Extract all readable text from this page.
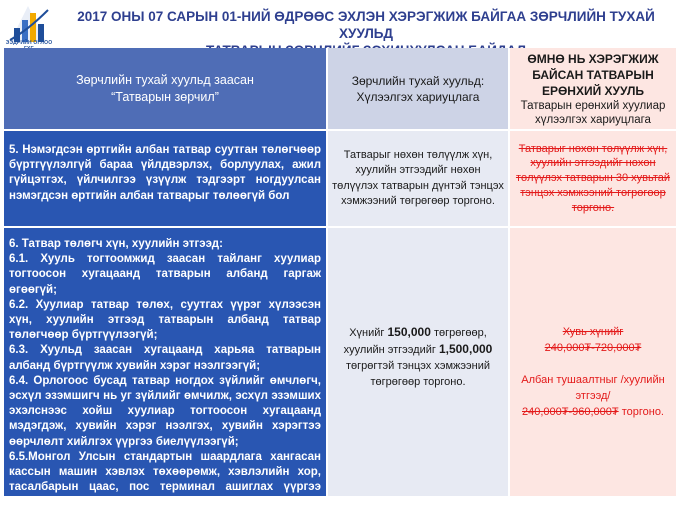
ЭЭДРИЙН ОГЛОО
2017 ОНЫ 07 САРЫН 01-НИЙ ӨДРӨӨС ЭХЛЭН ХЭРЭГЖИЖ БАЙГАА ЗӨРЧЛИЙН ТУХАЙ ХУУЛЬД
Зөрчлийн тухай хуульд заасан
“Татварын зөрчил”
Зөрчлийн тухай хуульд:
Хүлээлгэх хариуцлага
ӨМНӨ НЬ ХЭРЭГЖИЖ
БАЙСАН ТАТВАРЫН
ЕРӨНХИЙ ХУУЛЬ
Татварын ерөнхий хуулиар
хүлээлгэх хариуцлага
5. Нэмэгдсэн өртгийн албан татвар суутган төлөгчөөр бүртгүүлэлгүй бараа үйлдвэрлэх, борлуулах, ажил гүйцэтгэх, үйлчилгээ үзүүлж тэдгээрт ногдуулсан нэмэгдсэн өртгийн албан татварыг төлөөгүй бол
Татварыг нөхөн төлүүлж хүн, хуулийн этгээдийг нөхөн төлүүлэх татварын дүнтэй тэнцэх хэмжээний төгрөгөөр торгоно.
Татварыг нөхөн төлүүлж хүн, хуулийн этгээдийг нөхөн төлүүлэх татварын 30 хувьтай тэнцэх хэмжээний төгрөгөөр торгоно.

6. Татвар төлөгч хүн, хуулийн этгээд:

6.1. Хууль тогтоомжид заасан тайланг хуулиар тогтоосон хугацаанд татварын албанд гаргаж өгөөгүй;

6.2. Хуулиар татвар төлөх, суутгах үүрэг хүлээсэн хүн, хуулийн этгээд татварын албанд татвар төлөгчөөр бүртгүүлээгүй;

6.3. Хуульд заасан хугацаанд харьяа татварын албанд бүртгүүлж хувийн хэрэг нээлгээгүй;

6.4. Орлогоос бусад татвар ногдох зүйлийг өмчлөгч, эсхүл эзэмшигч нь уг зүйлийг өмчилж, эсхүл эзэмших эхэлснээс хойш хуулиар тогтоосон хугацаанд мэдэгдэж, хувийн хэрэг нээлгэх, хувийн хэрэгтээ өөрчлөлт хийлгэх үүргээ биелүүлээгүй;

6.5.Монгол Улсын стандартын шаардлага хангасан кассын машин хэвлэх төхөөрөмж, хэвлэлийн хор, тасалбарын цаас, пос терминал ашиглах үүргээ биелүүлээгүй бол

Хүнийг 150,000 төгрөгөөр, хуулийн этгээдийг 1,500,000 төгрөгтэй тэнцэх хэмжээний төгрөгөөр торгоно.
Хувь хүнийг 240,000₮-720,000₮
Албан тушаалтныг /хуулийн этгээд/
240,000₮-960,000₮ торгоно.
